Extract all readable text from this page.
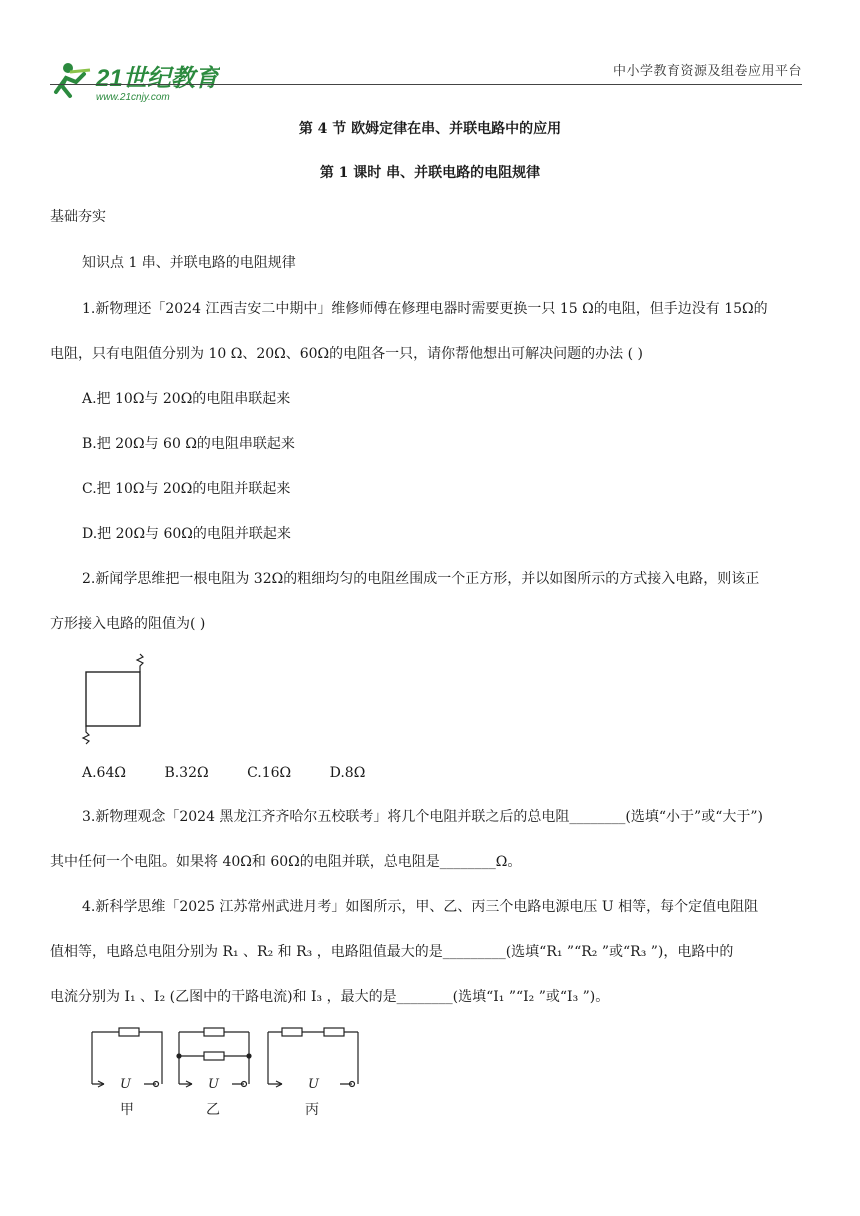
21世纪教育
www.21cnjy.com
中小学教育资源及组卷应用平台
第 4 节 欧姆定律在串、并联电路中的应用
第 1 课时 串、并联电路的电阻规律
基础夯实
知识点 1 串、并联电路的电阻规律
1.新物理还「2024 江西吉安二中期中」维修师傅在修理电器时需要更换一只 15 Ω的电阻，但手边没有 15Ω的
电阻，只有电阻值分别为 10 Ω、20Ω、60Ω的电阻各一只，请你帮他想出可解决问题的办法 ( )
A.把 10Ω与 20Ω的电阻串联起来
B.把 20Ω与 60 Ω的电阻串联起来
C.把 10Ω与 20Ω的电阻并联起来
D.把 20Ω与 60Ω的电阻并联起来
2.新闻学思维把一根电阻为 32Ω的粗细均匀的电阻丝围成一个正方形，并以如图所示的方式接入电路，则该正
方形接入电路的阻值为( )
A.64Ω	B.32Ω	C.16Ω	D.8Ω
3.新物理观念「2024 黑龙江齐齐哈尔五校联考」将几个电阻并联之后的总电阻________(选填“小于”或“大于”)
其中任何一个电阻。如果将 40Ω和 60Ω的电阻并联，总电阻是________Ω。
4.新科学思维「2025 江苏常州武进月考」如图所示，甲、乙、丙三个电路电源电压 U 相等，每个定值电阻阻
值相等，电路总电阻分别为 R₁ 、R₂ 和 R₃ ，电路阻值最大的是_________(选填“R₁ ”“R₂ ”或“R₃ ”)，电路中的
电流分别为 I₁ 、I₂ (乙图中的干路电流)和 I₃ ，最大的是________(选填“I₁ ”“I₂ ”或“I₃ ”)。
U	U	U
甲	乙	丙
